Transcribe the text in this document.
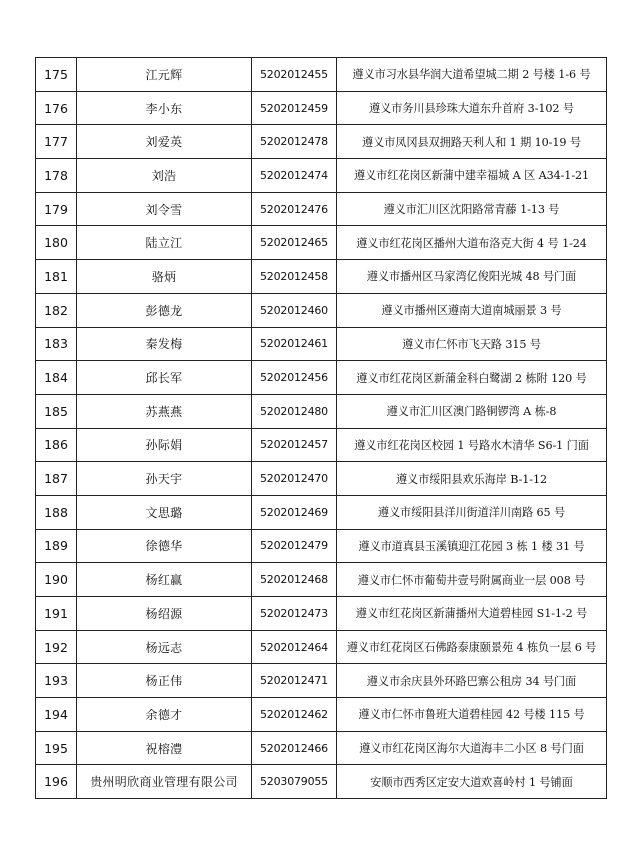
175	江元辉	5202012455	遵义市习水县华润大道希望城二期 2 号楼 1-6 号
176	李小东	5202012459	遵义市务川县珍珠大道东升首府 3-102 号
177	刘爱英	5202012478	遵义市凤冈县双拥路天利人和 1 期 10-19 号
178	刘浩	5202012474	遵义市红花岗区新蒲中建幸福城 A 区 A34-1-21
179	刘令雪	5202012476	遵义市汇川区沈阳路常青藤 1-13 号
180	陆立江	5202012465	遵义市红花岗区播州大道布洛克大街 4 号 1-24
181	骆炳	5202012458	遵义市播州区马家湾亿俊阳光城 48 号门面
182	彭德龙	5202012460	遵义市播州区遵南大道南城丽景 3 号
183	秦发梅	5202012461	遵义市仁怀市飞天路 315 号
184	邱长军	5202012456	遵义市红花岗区新蒲金科白鹭湖 2 栋附 120 号
185	苏燕燕	5202012480	遵义市汇川区澳门路铜锣湾 A 栋-8
186	孙际娟	5202012457	遵义市红花岗区校园 1 号路水木清华 S6-1 门面
187	孙天宇	5202012470	遵义市绥阳县欢乐海岸 B-1-12
188	文思璐	5202012469	遵义市绥阳县洋川街道洋川南路 65 号
189	徐德华	5202012479	遵义市道真县玉溪镇迎江花园 3 栋 1 楼 31 号
190	杨红赢	5202012468	遵义市仁怀市葡萄井壹号附属商业一层 008 号
191	杨绍源	5202012473	遵义市红花岗区新蒲播州大道碧桂园 S1-1-2 号
192	杨远志	5202012464	遵义市红花岗区石佛路泰康颐景苑 4 栋负一层 6 号
193	杨正伟	5202012471	遵义市余庆县外环路巴寨公租房 34 号门面
194	余德才	5202012462	遵义市仁怀市鲁班大道碧桂园 42 号楼 115 号
195	祝榕澧	5202012466	遵义市红花岗区海尔大道海丰二小区 8 号门面
196	贵州明欣商业管理有限公司	5203079055	安顺市西秀区定安大道欢喜岭村 1 号铺面
